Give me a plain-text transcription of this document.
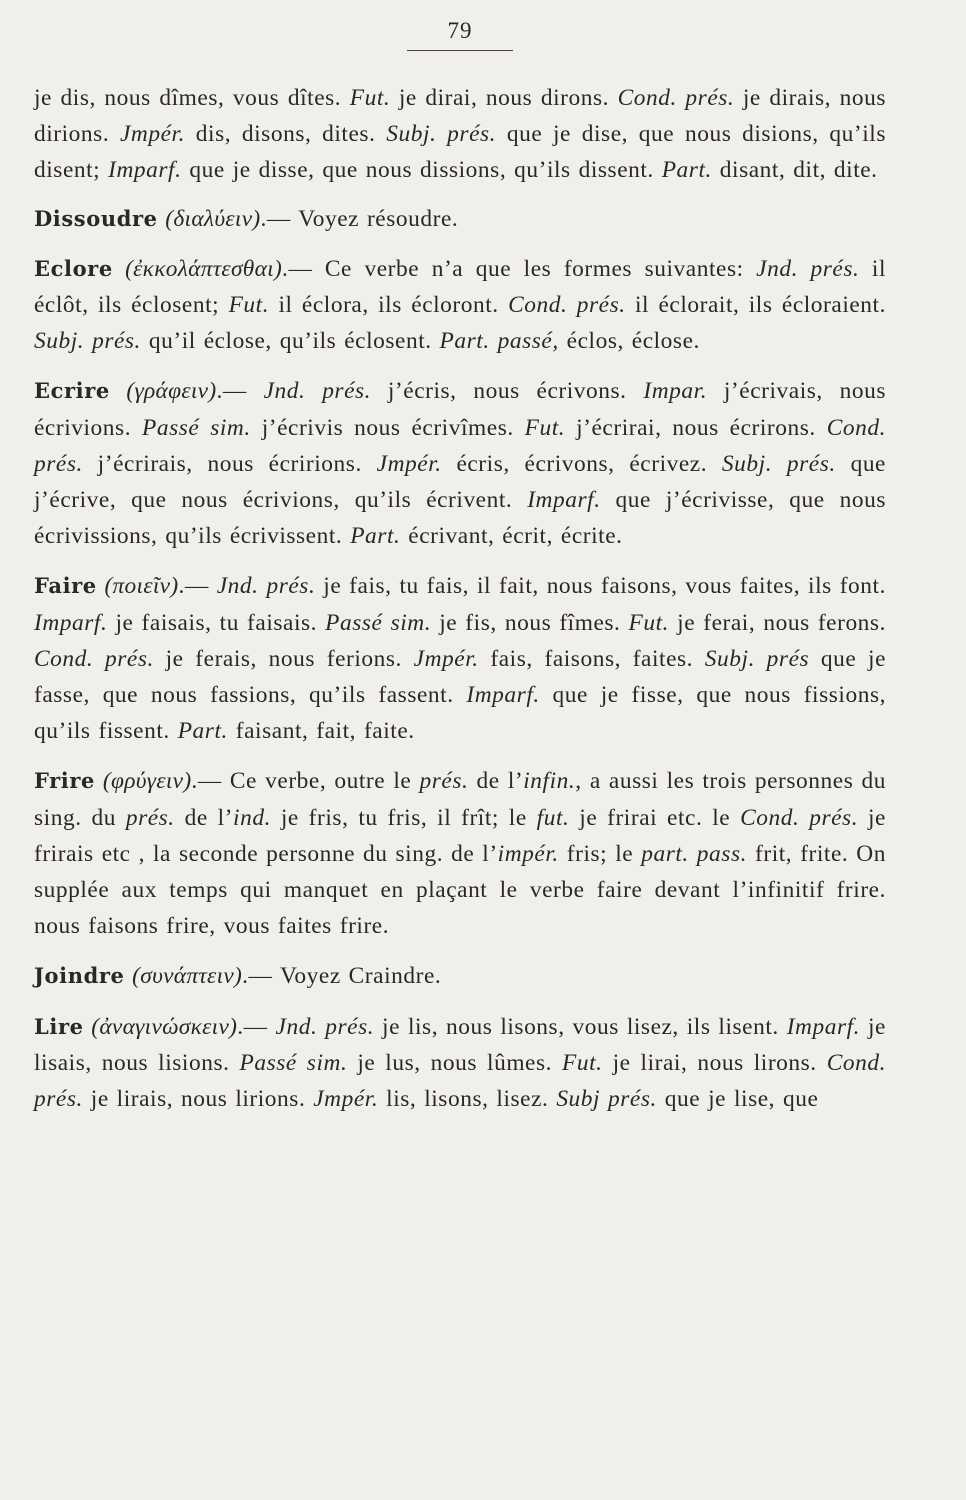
79

je dis, nous dîmes, vous dîtes. Fut. je dirai, nous dirons. Cond. prés. je dirais, nous dirions. Jmpér. dis, disons, dites. Subj. prés. que je dise, que nous disions, qu’ils disent; Imparf. que je disse, que nous dissions, qu’ils dissent. Part. disant, dit, dite.

Dissoudre (διαλύειν).— Voyez résoudre.

Eclore (ἐκκολάπτεσθαι).— Ce verbe n’a que les formes suivantes: Jnd. prés. il éclôt, ils éclosent; Fut. il éclora, ils écloront. Cond. prés. il éclorait, ils écloraient. Subj. prés. qu’il éclose, qu’ils éclosent. Part. passé, éclos, éclose.

Ecrire (γράφειν).— Jnd. prés. j’écris, nous écrivons. Impar. j’écrivais, nous écrivions. Passé sim. j’écrivis nous écrivîmes. Fut. j’écrirai, nous écrirons. Cond. prés. j’écrirais, nous écririons. Jmpér. écris, écrivons, écrivez. Subj. prés. que j’écrive, que nous écrivions, qu’ils écrivent. Imparf. que j’écrivisse, que nous écrivissions, qu’ils écrivissent. Part. écrivant, écrit, écrite.

Faire (ποιεῖν).— Jnd. prés. je fais, tu fais, il fait, nous faisons, vous faites, ils font. Imparf. je faisais, tu faisais. Passé sim. je fis, nous fîmes. Fut. je ferai, nous ferons. Cond. prés. je ferais, nous ferions. Jmpér. fais, faisons, faites. Subj. prés que je fasse, que nous fassions, qu’ils fassent. Imparf. que je fisse, que nous fissions, qu’ils fissent. Part. faisant, fait, faite.

Frire (φρύγειν).— Ce verbe, outre le prés. de l’infin., a aussi les trois personnes du sing. du prés. de l’ind. je fris, tu fris, il frît; le fut. je frirai etc. le Cond. prés. je frirais etc , la seconde personne du sing. de l’impér. fris; le part. pass. frit, frite. On supplée aux temps qui manquet en plaçant le verbe faire devant l’infinitif frire. nous faisons frire, vous faites frire.

Joindre (συνάπτειν).— Voyez Craindre.

Lire (ἀναγινώσκειν).— Jnd. prés. je lis, nous lisons, vous lisez, ils lisent. Imparf. je lisais, nous lisions. Passé sim. je lus, nous lûmes. Fut. je lirai, nous lirons. Cond. prés. je lirais, nous lirions. Jmpér. lis, lisons, lisez. Subj prés. que je lise, que
